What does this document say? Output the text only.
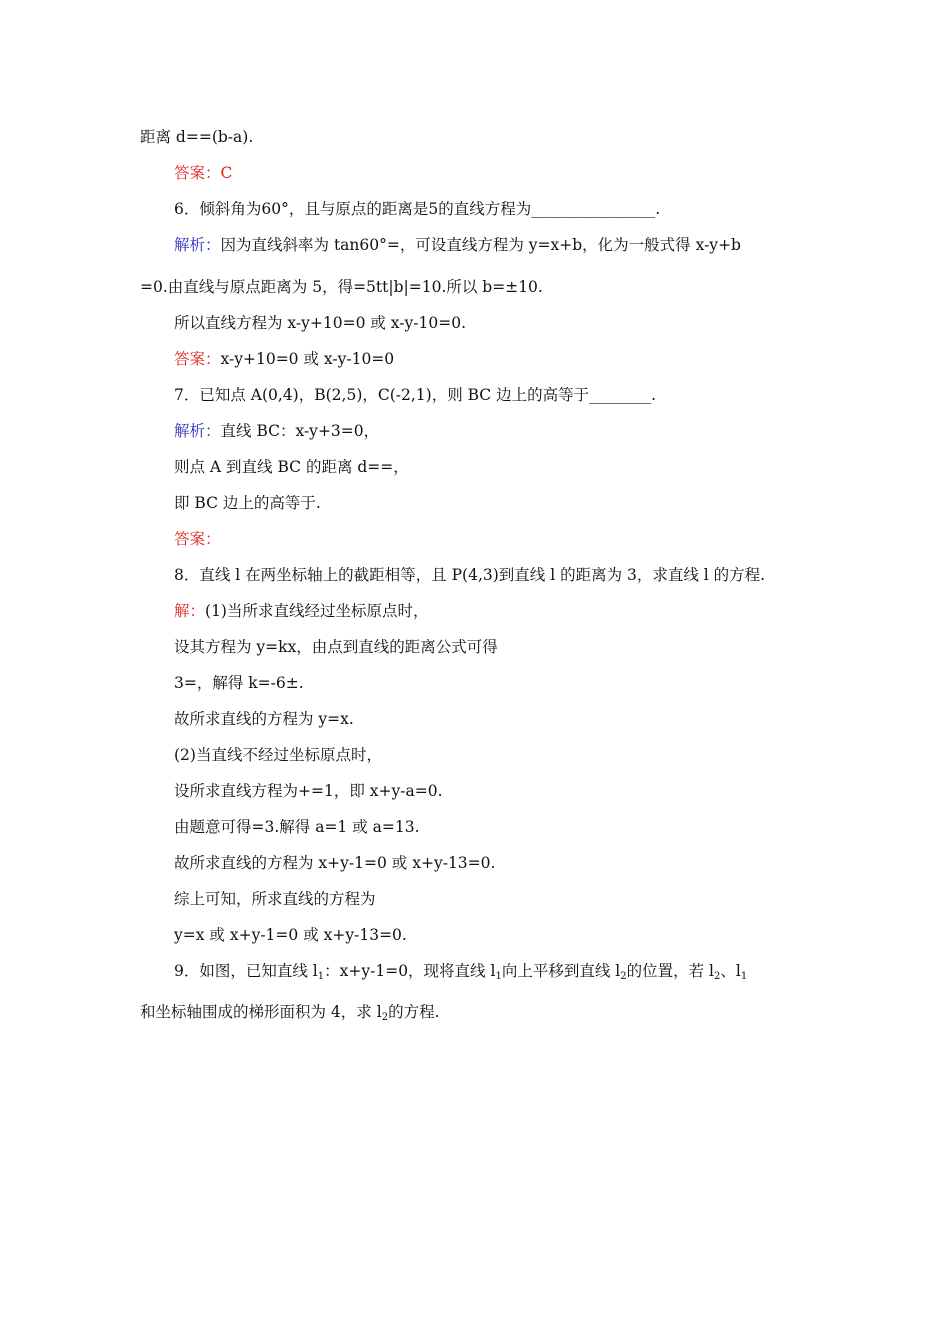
距离 d==(b-a).
答案：C
6．倾斜角为60°，且与原点的距离是5的直线方程为________________.
解析：因为直线斜率为 tan60°=，可设直线方程为 y=x+b，化为一般式得 x-y+b
=0.由直线与原点距离为 5，得=5tt|b|=10.所以 b=±10.
所以直线方程为 x-y+10=0 或 x-y-10=0.
答案：x-y+10=0 或 x-y-10=0
7．已知点 A(0,4)，B(2,5)，C(-2,1)，则 BC 边上的高等于________.
解析：直线 BC：x-y+3=0，
则点 A 到直线 BC 的距离 d==，
即 BC 边上的高等于.
答案：
8．直线 l 在两坐标轴上的截距相等，且 P(4,3)到直线 l 的距离为 3，求直线 l 的方程.
解：(1)当所求直线经过坐标原点时，
设其方程为 y=kx，由点到直线的距离公式可得
3=，解得 k=-6±.
故所求直线的方程为 y=x.
(2)当直线不经过坐标原点时，
设所求直线方程为+=1，即 x+y-a=0.
由题意可得=3.解得 a=1 或 a=13.
故所求直线的方程为 x+y-1=0 或 x+y-13=0.
综上可知，所求直线的方程为
y=x 或 x+y-1=0 或 x+y-13=0.
9．如图，已知直线 $l_1$：x+y-1=0，现将直线 $l_1$向上平移到直线 $l_2$的位置，若 $l_2$、$l_1$
和坐标轴围成的梯形面积为 4，求 $l_2$的方程.
